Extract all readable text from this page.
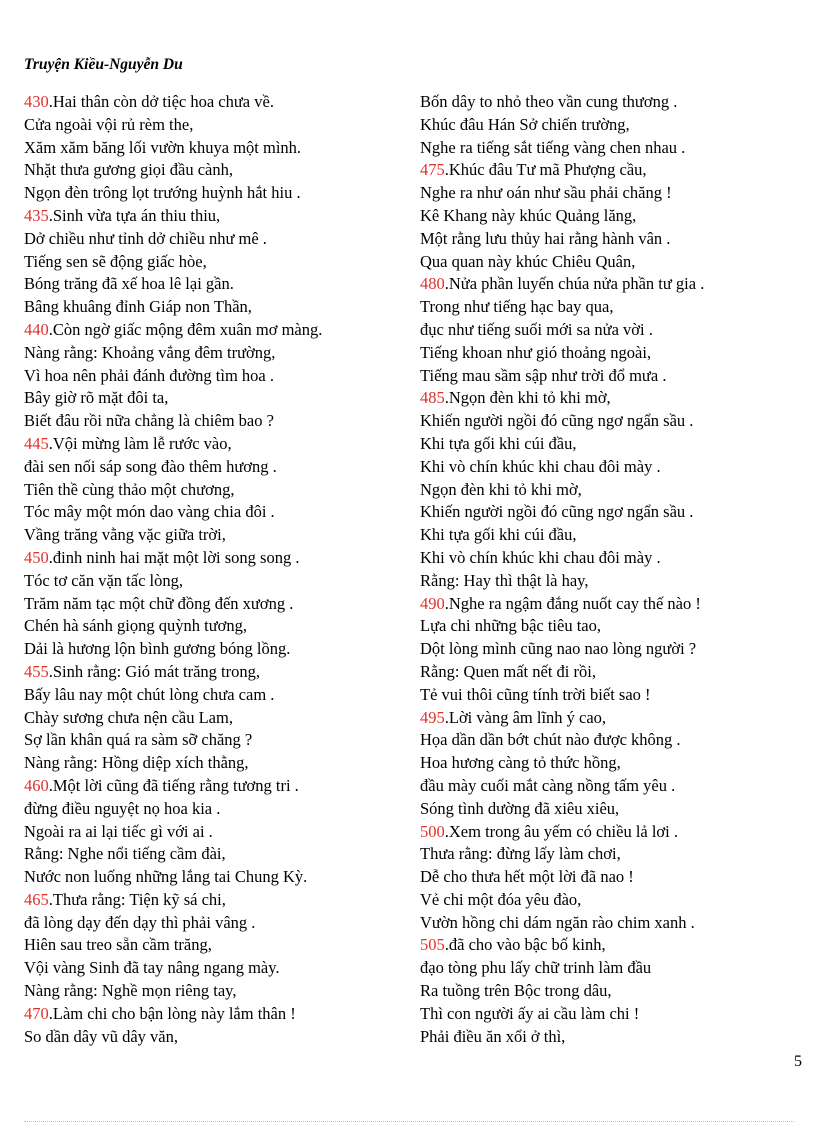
Truyện Kiều-Nguyễn Du
430.Hai thân còn dở tiệc hoa chưa về.
Cửa ngoài vội rủ rèm the,
Xăm xăm băng lối vườn khuya một mình.
Nhặt thưa gương giọi đầu cành,
Ngọn đèn trông lọt trướng huỳnh hắt hiu .
435.Sinh vừa tựa án thiu thiu,
Dở chiều như tỉnh dở chiều như mê .
Tiếng sen sẽ động giấc hòe,
Bóng trăng đã xế hoa lê lại gần.
Bâng khuâng đỉnh Giáp non Thần,
440.Còn ngờ giấc mộng đêm xuân mơ màng.
Nàng rằng: Khoảng vắng đêm trường,
Vì hoa nên phải đánh đường tìm hoa .
Bây giờ rõ mặt đôi ta,
Biết đâu rồi nữa chẳng là chiêm bao ?
445.Vội mừng làm lễ rước vào,
đài sen nối sáp song đào thêm hương .
Tiên thề cùng thảo một chương,
Tóc mây một món dao vàng chia đôi .
Vầng trăng vằng vặc giữa trời,
450.đinh ninh hai mặt một lời song song .
Tóc tơ căn vặn tấc lòng,
Trăm năm tạc một chữ đồng đến xương .
Chén hà sánh giọng quỳnh tương,
Dải là hương lộn bình gương bóng lồng.
455.Sinh rằng: Gió mát trăng trong,
Bấy lâu nay một chút lòng chưa cam .
Chày sương chưa nện cầu Lam,
Sợ lần khân quá ra sàm sỡ chăng ?
Nàng rằng: Hồng diệp xích thằng,
460.Một lời cũng đã tiếng rằng tương tri .
đừng điều nguyệt nọ hoa kia .
Ngoài ra ai lại tiếc gì với ai .
Rằng: Nghe nổi tiếng cầm đài,
Nước non luống những lắng tai Chung Kỳ.
465.Thưa rằng: Tiện kỹ sá chi,
đã lòng dạy đến dạy thì phải vâng .
Hiên sau treo sẵn cầm trăng,
Vội vàng Sinh đã tay nâng ngang mày.
Nàng rằng: Nghề mọn riêng tay,
470.Làm chi cho bận lòng này lắm thân !
So dần dây vũ dây văn,
Bốn dây to nhỏ theo vần cung thương .
Khúc đâu Hán Sở chiến trường,
Nghe ra tiếng sắt tiếng vàng chen nhau .
475.Khúc đâu Tư mã Phượng cầu,
Nghe ra như oán như sầu phải chăng !
Kê Khang này khúc Quảng lăng,
Một rằng lưu thủy hai rằng hành vân .
Qua quan này khúc Chiêu Quân,
480.Nửa phần luyến chúa nửa phần tư gia .
Trong như tiếng hạc bay qua,
đục như tiếng suối mới sa nửa vời .
Tiếng khoan như gió thoảng ngoài,
Tiếng mau sầm sập như trời đổ mưa .
485.Ngọn đèn khi tỏ khi mờ,
Khiến người ngồi đó cũng ngơ ngẩn sầu .
Khi tựa gối khi cúi đầu,
Khi vò chín khúc khi chau đôi mày .
Ngọn đèn khi tỏ khi mờ,
Khiến người ngồi đó cũng ngơ ngẩn sầu .
Khi tựa gối khi cúi đầu,
Khi vò chín khúc khi chau đôi mày .
Rằng: Hay thì thật là hay,
490.Nghe ra ngậm đắng nuốt cay thế nào !
Lựa chi những bậc tiêu tao,
Dột lòng mình cũng nao nao lòng người ?
Rằng: Quen mất nết đi rồi,
Tẻ vui thôi cũng tính trời biết sao !
495.Lời vàng âm lĩnh ý cao,
Họa dần dần bớt chút nào được không .
Hoa hương càng tỏ thức hồng,
đầu mày cuối mắt càng nồng tấm yêu .
Sóng tình dường đã xiêu xiêu,
500.Xem trong âu yếm có chiều lả lơi .
Thưa rằng: đừng lấy làm chơi,
Dễ cho thưa hết một lời đã nao !
Vẻ chi một đóa yêu đào,
Vườn hồng chi dám ngăn rào chim xanh .
505.đã cho vào bậc bố kinh,
đạo tòng phu lấy chữ trinh làm đầu
Ra tuồng trên Bộc trong dâu,
Thì con người ấy ai cầu làm chi !
Phải điều ăn xổi ở thì,
5
